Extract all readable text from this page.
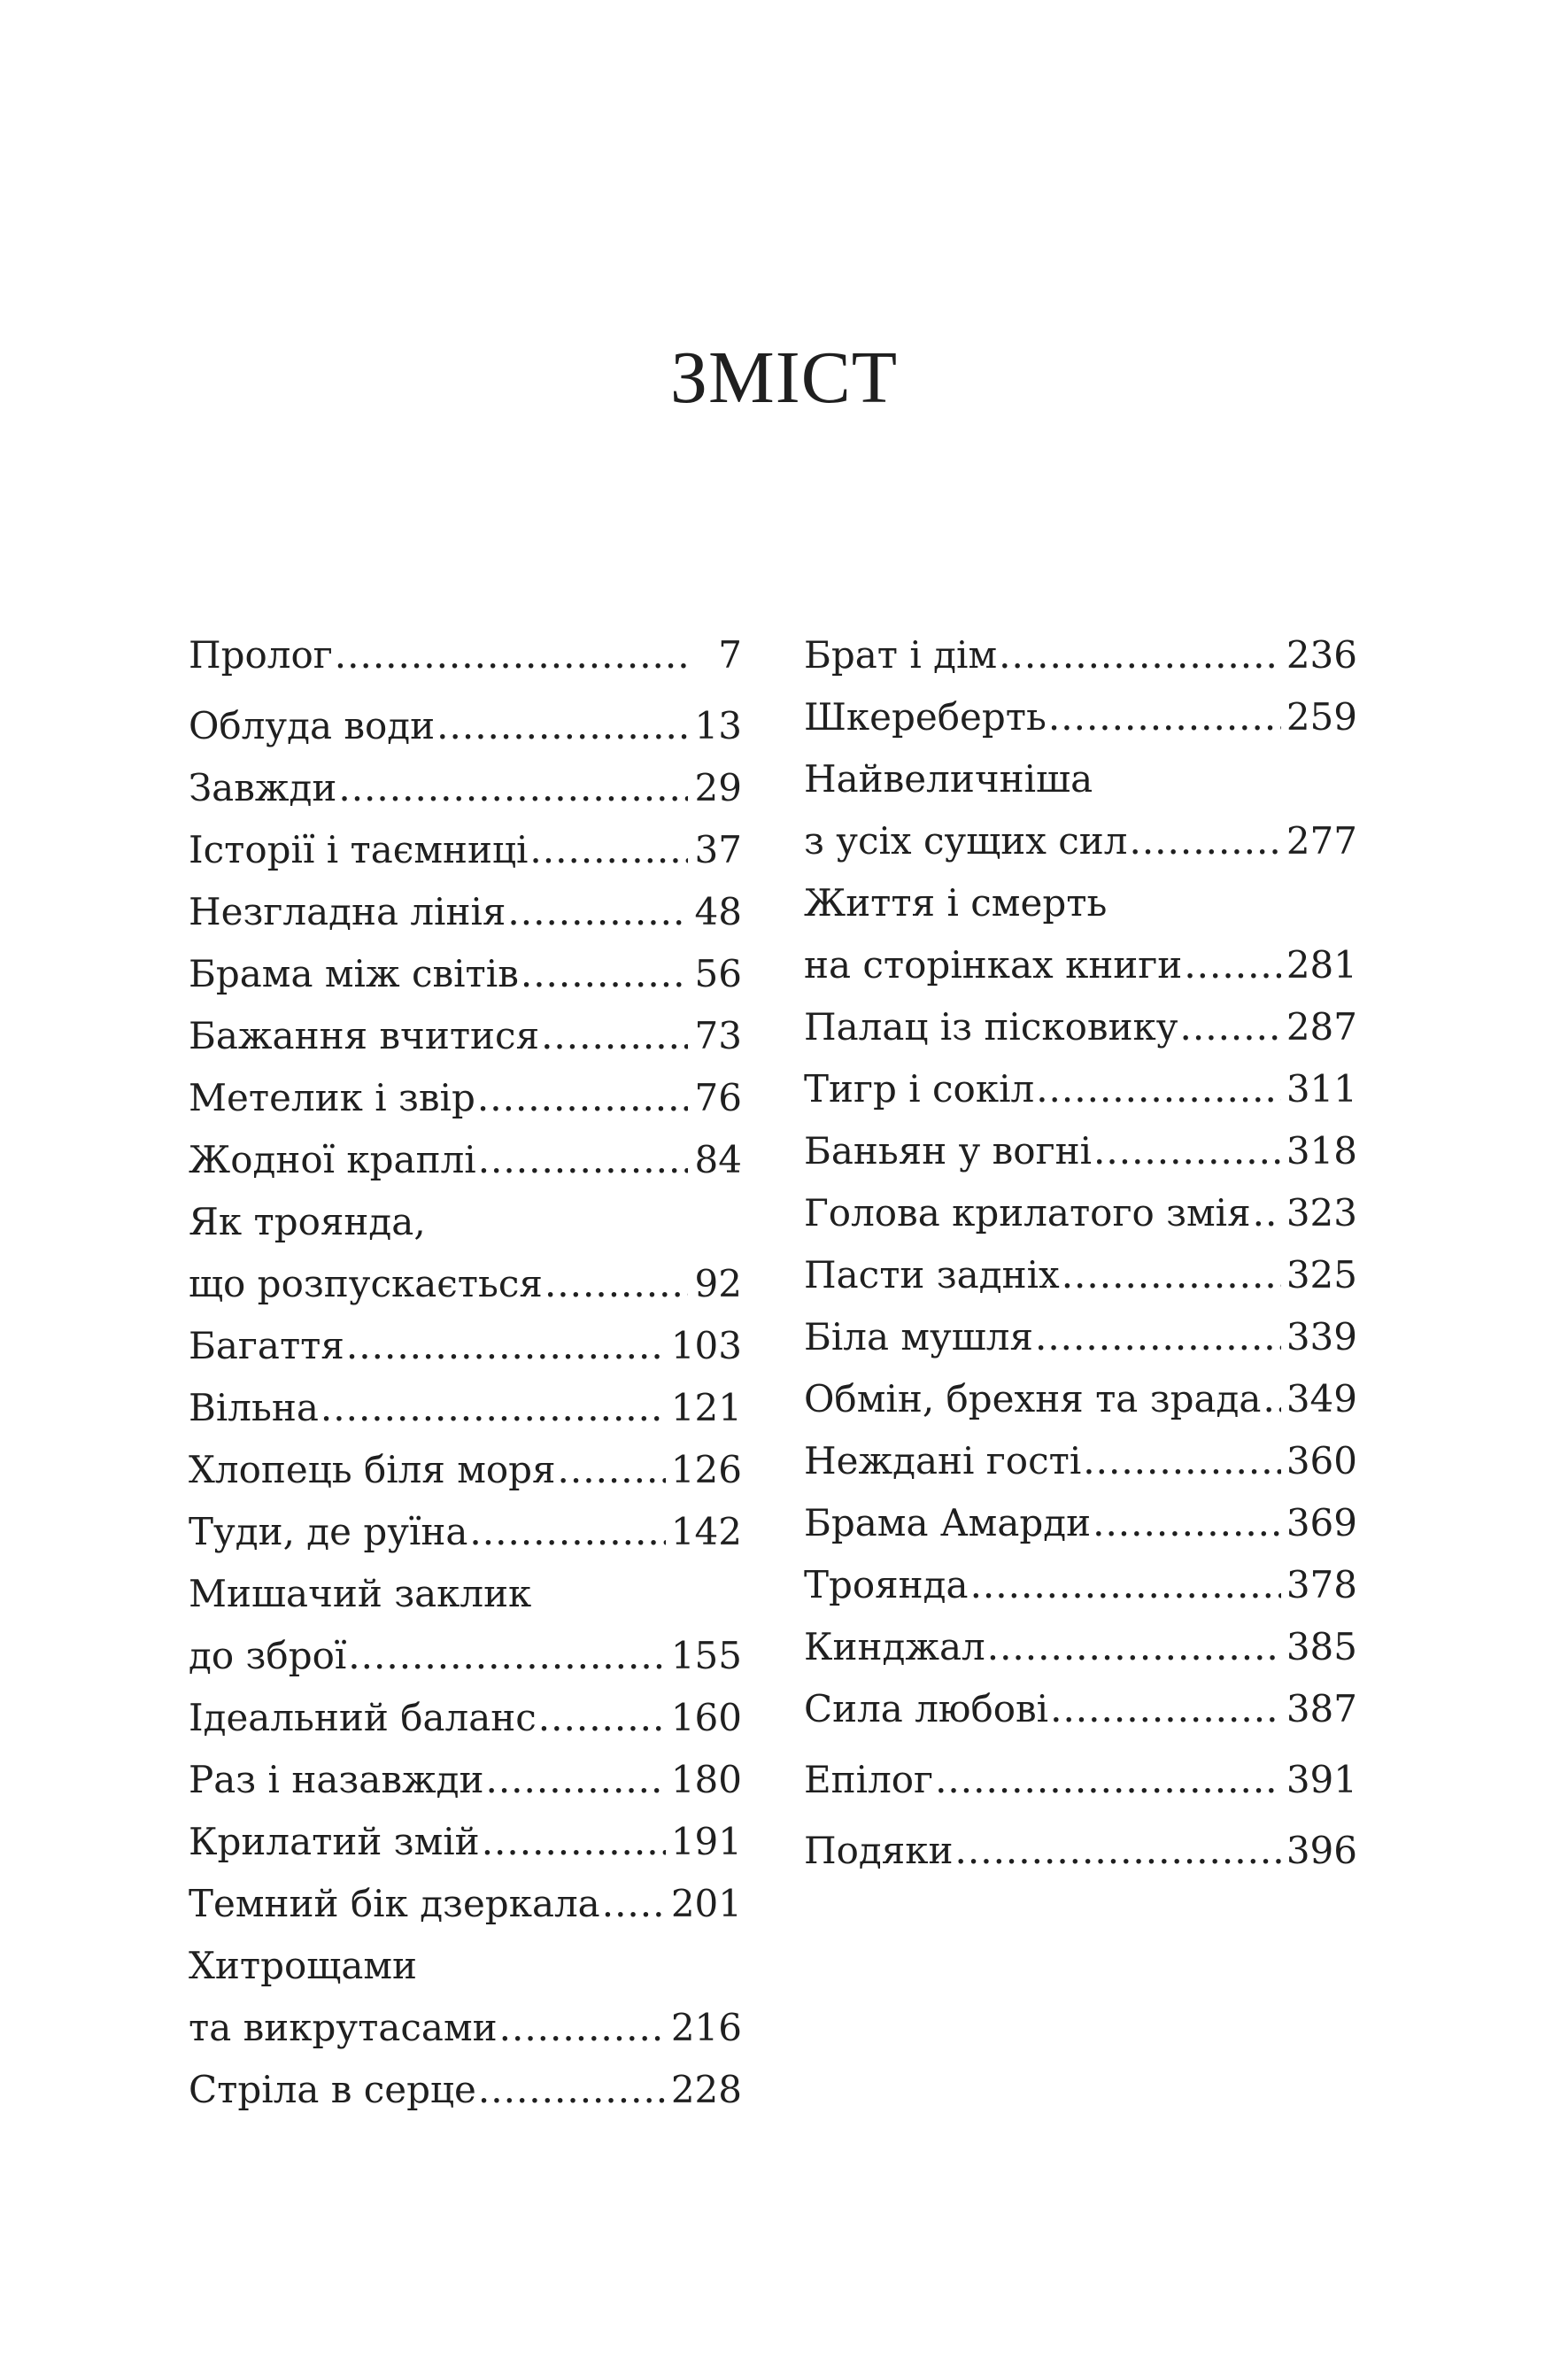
ЗМІСТ
Пролог .....	7
Облуда води .....	13
Завжди .....	29
Історії і таємниці .....	37
Незгладна лінія .....	48
Брама між світів .....	56
Бажання вчитися .....	73
Метелик і звір .....	76
Жодної краплі .....	84
Як троянда,
що розпускається .....	92
Багаття .....	103
Вільна .....	121
Хлопець біля моря .....	126
Туди, де руїна .....	142
Мишачий заклик
до зброї .....	155
Ідеальний баланс .....	160
Раз і назавжди .....	180
Крилатий змій .....	191
Темний бік дзеркала ..... 201
Хитрощами
та викрутасами .....	216
Стріла в серце .....	228
Брат і дім .....	236
Шкереберть .....	259
Найвеличніша
з усіх сущих сил .....	277
Життя і смерть
на сторінках книги .....	281
Палац із пісковику .....	287
Тигр і сокіл .....	311
Баньян у вогні .....	318
Голова крилатого змія ..... 323
Пасти задніх .....	325
Біла мушля .....	339
Обмін, брехня та зрада ..... 349
Неждані гості .....	360
Брама Амарди .....	369
Троянда .....	378
Кинджал .....	385
Сила любові .....	387
Епілог .....	391
Подяки .....	396
